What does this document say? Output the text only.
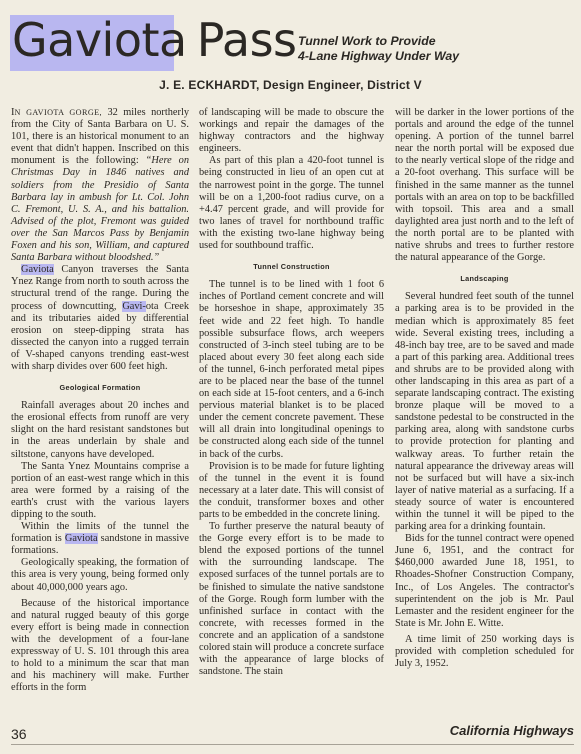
Gaviota Pass Tunnel Work to Provide
4-Lane Highway Under Way
J. E. ECKHARDT, Design Engineer, District V

IN GAVIOTA GORGE, 32 miles northerly from the City of Santa Barbara on U. S. 101, there is an historical monument to an event that didn't happen. Inscribed on this monument is the following: “Here on Christmas Day in 1846 natives and soldiers from the Presidio of Santa Barbara lay in ambush for Lt. Col. John C. Fremont, U. S. A., and his battalion. Advised of the plot, Fremont was guided over the San Marcos Pass by Benjamin Foxen and his son, William, and captured Santa Barbara without bloodshed.”

Gaviota Canyon traverses the Santa Ynez Range from north to south across the structural trend of the range. During the process of downcutting, Gavi-ota Creek and its tributaries aided by differential erosion on steep-dipping strata has dissected the canyon into a rugged terrain of V-shaped canyons trending east-west with sharp divides over 600 feet high.

Geological Formation

Rainfall averages about 20 inches and the erosional effects from runoff are very slight on the hard resistant sandstones but in the areas underlain by shale and siltstone, canyons have developed.

The Santa Ynez Mountains comprise a portion of an east-west range which in this area were formed by a raising of the earth's crust with the various layers dipping to the south.

Within the limits of the tunnel the formation is Gaviota sandstone in massive formations.

Geologically speaking, the formation of this area is very young, being formed only about 40,000,000 years ago.

Because of the historical importance and natural rugged beauty of this gorge every effort is being made in connection with the development of a four-lane expressway of U. S. 101 through this area to hold to a minimum the scar that man and his machinery will make. Further efforts in the form

of landscaping will be made to obscure the workings and repair the damages of the highway contractors and the highway engineers.

As part of this plan a 420-foot tunnel is being constructed in lieu of an open cut at the narrowest point in the gorge. The tunnel will be on a 1,200-foot radius curve, on a +4.47 percent grade, and will provide for two lanes of travel for northbound traffic with the existing two-lane highway being used for southbound traffic.

Tunnel Construction

The tunnel is to be lined with 1 foot 6 inches of Portland cement concrete and will be horseshoe in shape, approximately 35 feet wide and 22 feet high. To handle possible subsurface flows, arch weepers constructed of 3-inch steel tubing are to be placed about every 30 feet along each side of the tunnel, 6-inch perforated metal pipes are to be placed near the base of the tunnel on each side at 15-foot centers, and a 6-inch pervious material blanket is to be placed under the cement concrete pavement. These will all drain into longitudinal openings to be constructed along each side of the tunnel in back of the curbs.

Provision is to be made for future lighting of the tunnel in the event it is found necessary at a later date. This will consist of the conduit, transformer boxes and other parts to be embedded in the concrete lining.

To further preserve the natural beauty of the Gorge every effort is to be made to blend the exposed portions of the tunnel with the surrounding landscape. The exposed surfaces of the tunnel portals are to be finished to simulate the native sandstone of the Gorge. Rough form lumber with the unfinished surface in contact with the concrete, with recesses formed in the concrete and an application of a sandstone colored stain will produce a concrete surface with the appearance of large blocks of sandstone. The stain

will be darker in the lower portions of the portals and around the edge of the tunnel opening. A portion of the tunnel barrel near the north portal will be exposed due to the nearly vertical slope of the ridge and a 20-foot overhang. This surface will be finished in the same manner as the tunnel portals with an area on top to be backfilled with topsoil. This area and a small daylighted area just north and to the left of the north portal are to be planted with native shrubs and trees to further restore the natural appearance of the Gorge.

Landscaping

Several hundred feet south of the tunnel a parking area is to be provided in the median which is approximately 85 feet wide. Several existing trees, including a 48-inch bay tree, are to be saved and made a part of this parking area. Additional trees and shrubs are to be provided along with other landscaping in this area as part of a separate landscaping contract. The existing bronze plaque will be moved to a sandstone pedestal to be constructed in the parking area, along with sandstone curbs to provide protection for planting and walkway areas. To further retain the natural appearance the driveway areas will not be surfaced but will have a six-inch layer of native material as a surfacing. If a steady source of water is encountered within the tunnel it will be piped to the parking area for a drinking fountain.

Bids for the tunnel contract were opened June 6, 1951, and the contract for $460,000 awarded June 18, 1951, to Rhoades-Shofner Construction Company, Inc., of Los Angeles. The contractor's superintendent on the job is Mr. Paul Lemaster and the resident engineer for the State is Mr. John E. Witte.

A time limit of 250 working days is provided with completion scheduled for July 3, 1952.

36	California Highways
